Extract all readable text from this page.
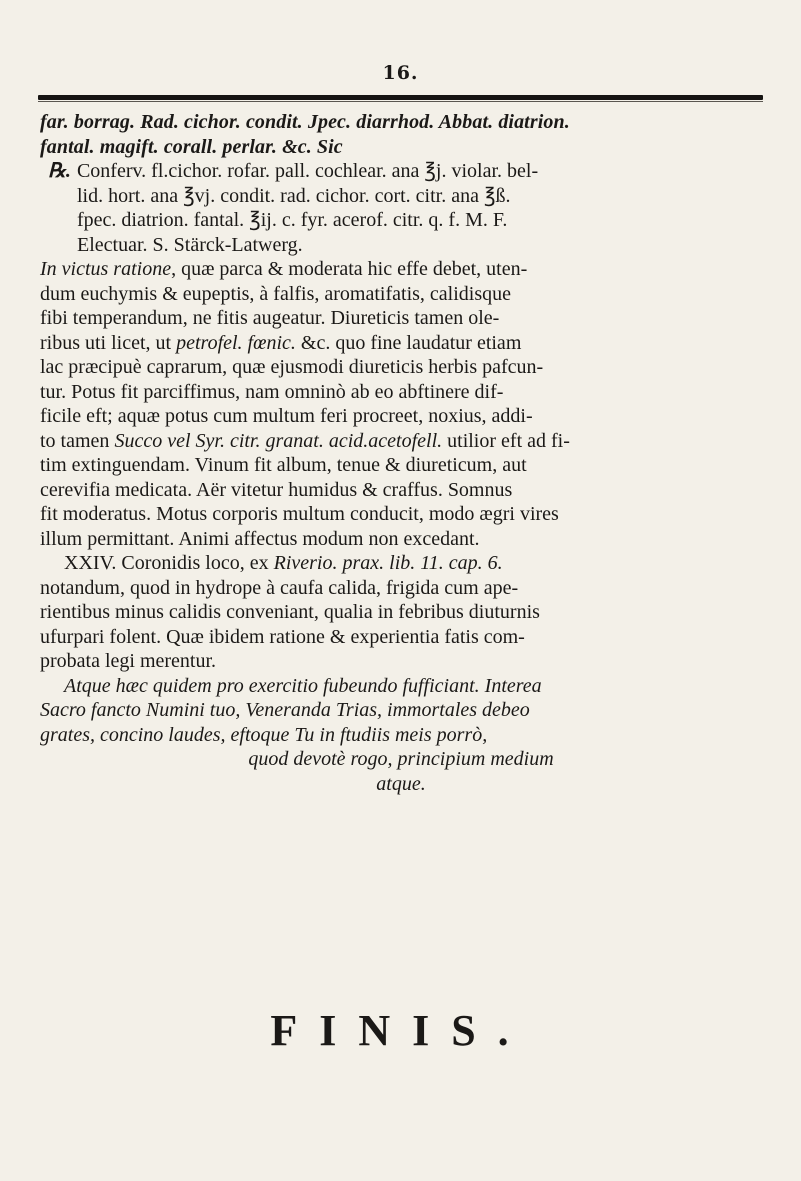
16.
far. borrag. Rad. cichor. condit. Jpec. diarrhod. Abbat. diatrion.
fantal. magift. corall. perlar. &c. Sic
℞. Conferv. fl.cichor. rofar. pall. cochlear. ana ℥j. violar. bel-
lid. hort. ana ℥vj. condit. rad. cichor. cort. citr. ana ℥ß.
fpec. diatrion. fantal. ℥ij. c. fyr. acerof. citr. q. f. M. F.
Electuar. S. Stärck-Latwerg.
In victus ratione, quæ parca & moderata hic effe debet, uten-
dum euchymis & eupeptis, à falfis, aromatifatis, calidisque
fibi temperandum, ne fitis augeatur. Diureticis tamen ole-
ribus uti licet, ut petrofel. fœnic. &c. quo fine laudatur etiam
lac præcipuè caprarum, quæ ejusmodi diureticis herbis pafcun-
tur. Potus fit parciffimus, nam omninò ab eo abftinere dif-
ficile eft; aquæ potus cum multum feri procreet, noxius, addi-
to tamen Succo vel Syr. citr. granat. acid.acetofell. utilior eft ad fi-
tim extinguendam. Vinum fit album, tenue & diureticum, aut
cerevifia medicata. Aër vitetur humidus & craffus. Somnus
fit moderatus. Motus corporis multum conducit, modo ægri vires
illum permittant. Animi affectus modum non excedant.
XXIV. Coronidis loco, ex Riverio. prax. lib. 11. cap. 6.
notandum, quod in hydrope à caufa calida, frigida cum ape-
rientibus minus calidis conveniant, qualia in febribus diuturnis
ufurpari folent. Quæ ibidem ratione & experientia fatis com-
probata legi merentur.
Atque hæc quidem pro exercitio fubeundo fufficiant. Interea
Sacro fancto Numini tuo, Veneranda Trias, immortales debeo
grates, concino laudes, eftoque Tu in ftudiis meis porrò,
quod devotè rogo, principium medium
atque.
FINIS.
